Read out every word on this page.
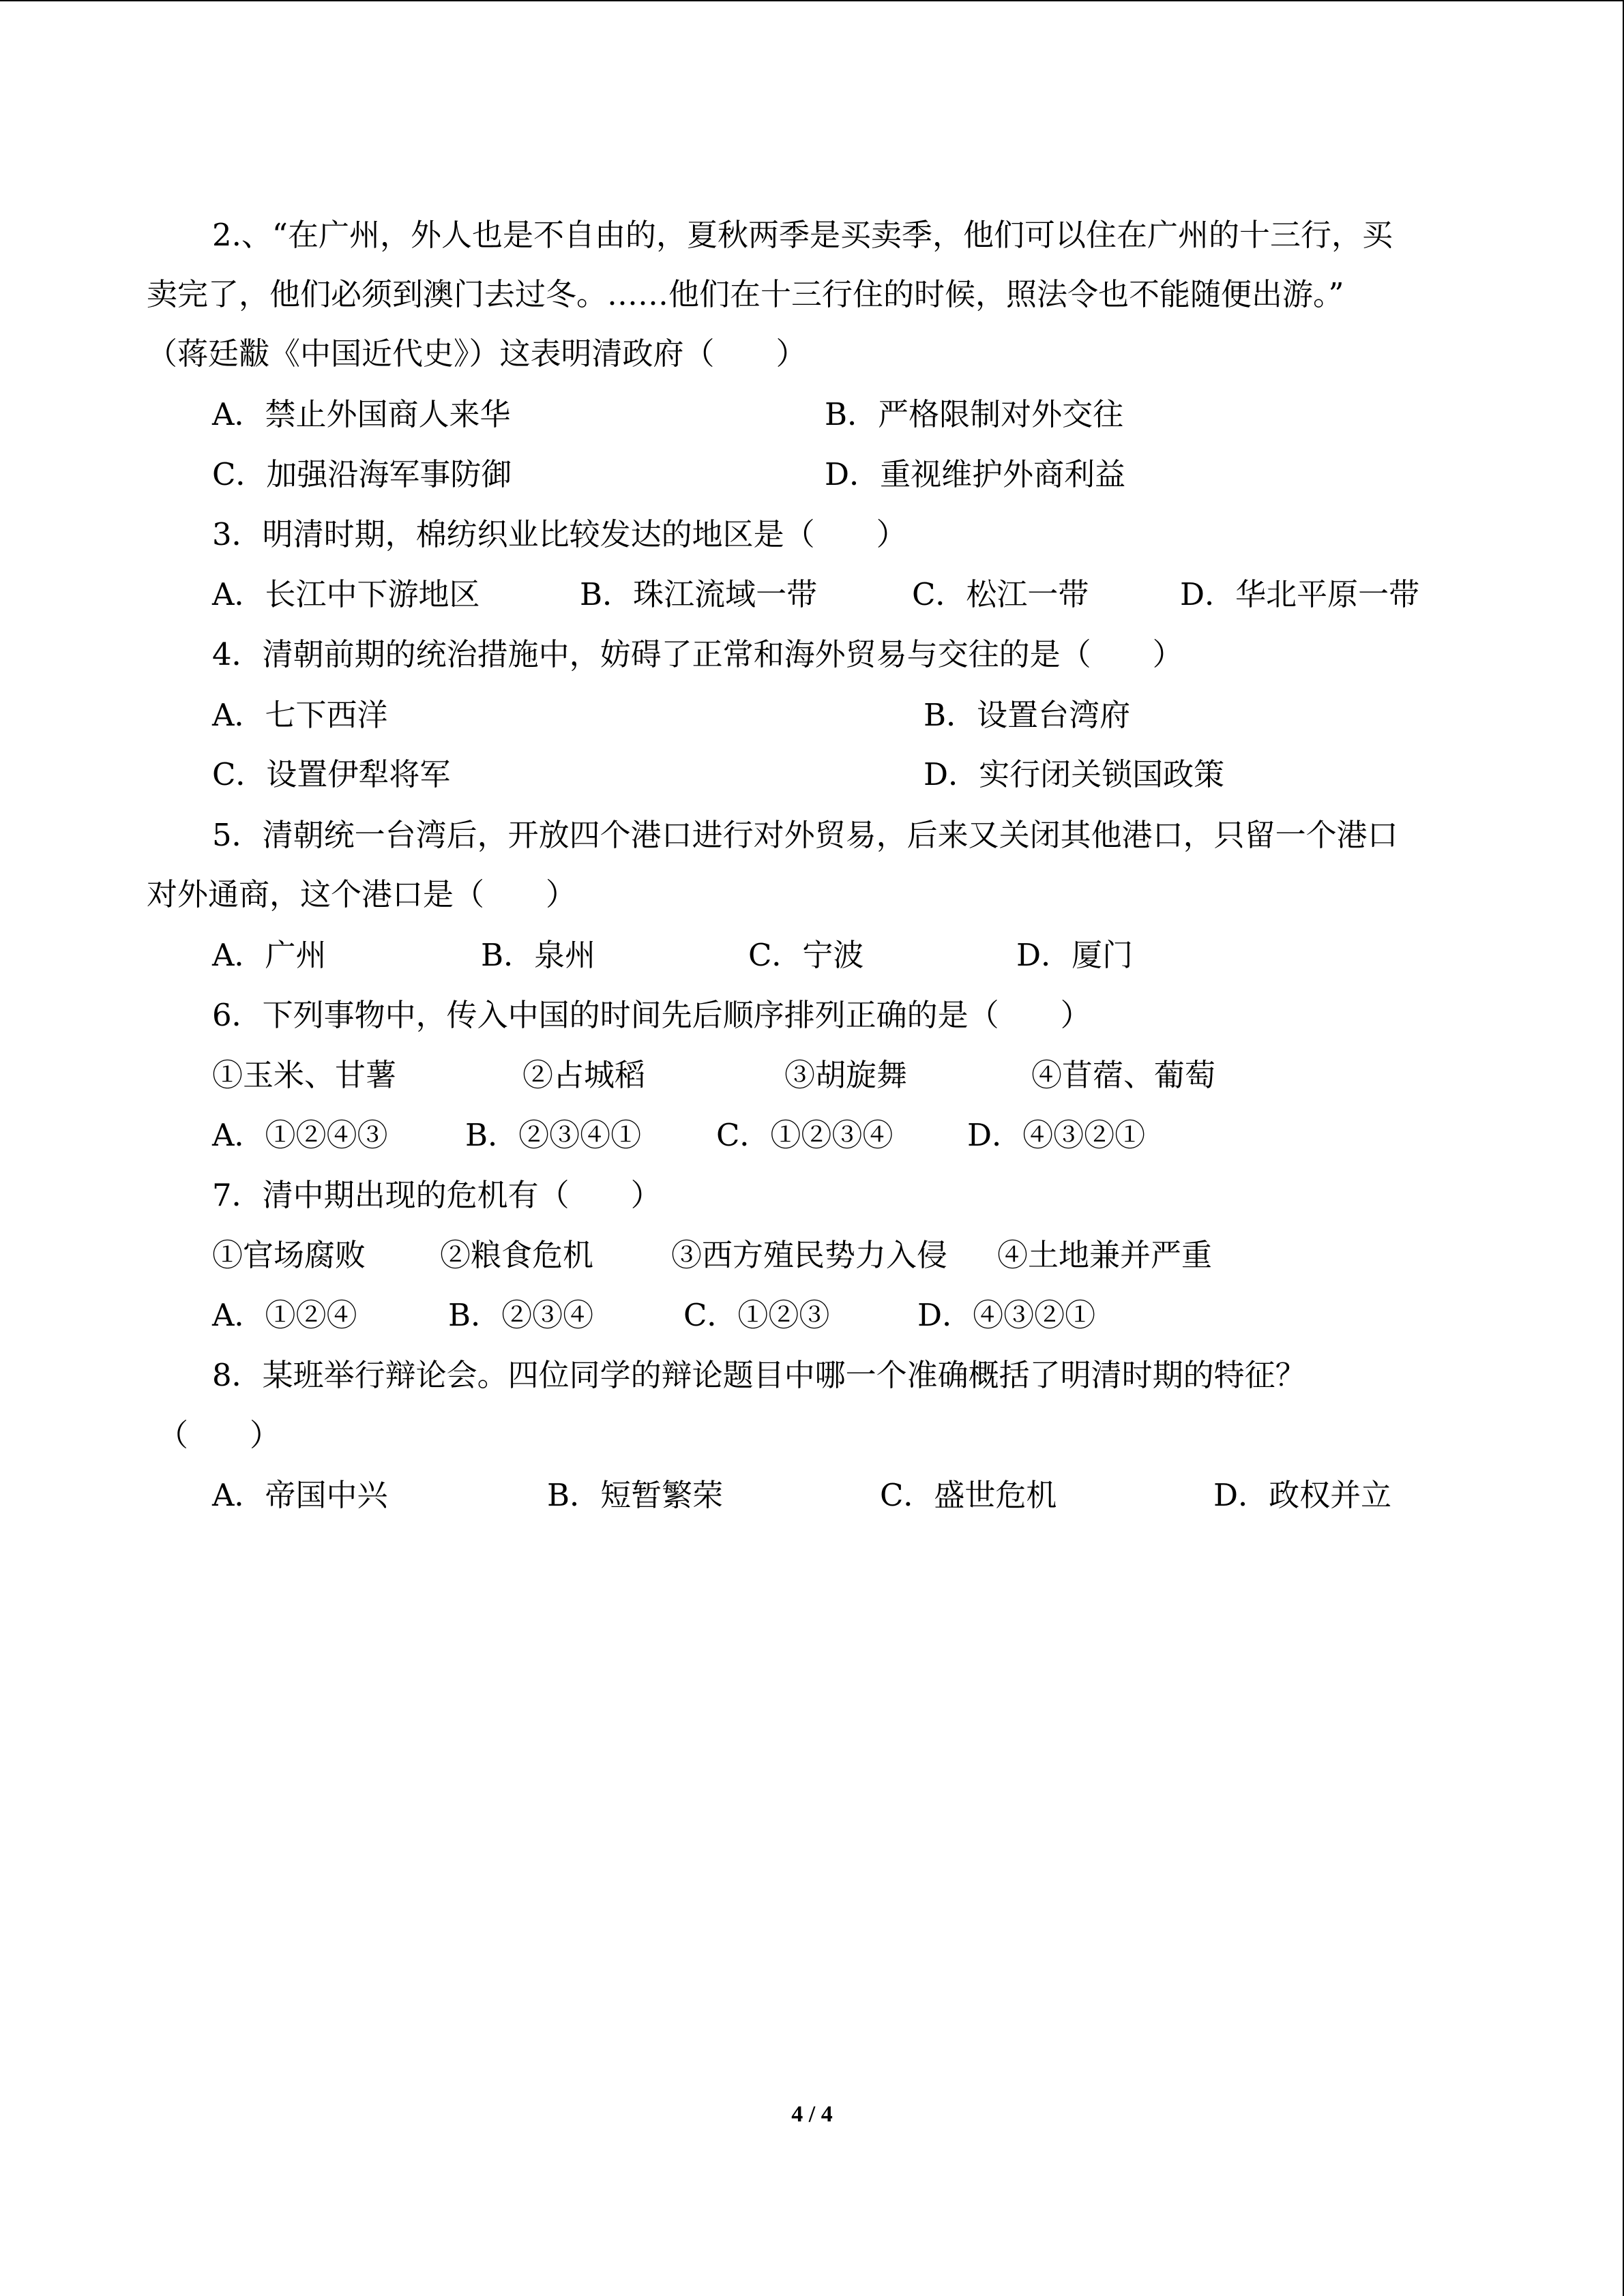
2.、“在广州，外人也是不自由的，夏秋两季是买卖季，他们可以住在广州的十三行，买
卖完了，他们必须到澳门去过冬。……他们在十三行住的时候，照法令也不能随便出游。”
（蒋廷黻《中国近代史》）这表明清政府（　　）
A．禁止外国商人来华	B．严格限制对外交往
C．加强沿海军事防御	D．重视维护外商利益
3．明清时期，棉纺织业比较发达的地区是（　　）
A．长江中下游地区	B．珠江流域一带	C．松江一带	D．华北平原一带
4．清朝前期的统治措施中，妨碍了正常和海外贸易与交往的是（　　）
A．七下西洋	B．设置台湾府
C．设置伊犁将军	D．实行闭关锁国政策
5．清朝统一台湾后，开放四个港口进行对外贸易，后来又关闭其他港口，只留一个港口
对外通商，这个港口是（　　）
A．广州	B．泉州	C．宁波	D．厦门
6．下列事物中，传入中国的时间先后顺序排列正确的是（　　）
①玉米、甘薯	②占城稻	③胡旋舞	④苜蓿、葡萄
A．①②④③	B．②③④① C．①②③④ D．④③②①
7．清中期出现的危机有（　　）
①官场腐败 ②粮食危机	③西方殖民势力入侵 ④土地兼并严重
A．①②④	B．②③④	C．①②③	D．④③②①
8．某班举行辩论会。四位同学的辩论题目中哪一个准确概括了明清时期的特征？
（　　）
A．帝国中兴	B．短暂繁荣	C．盛世危机	D．政权并立
4 / 4
